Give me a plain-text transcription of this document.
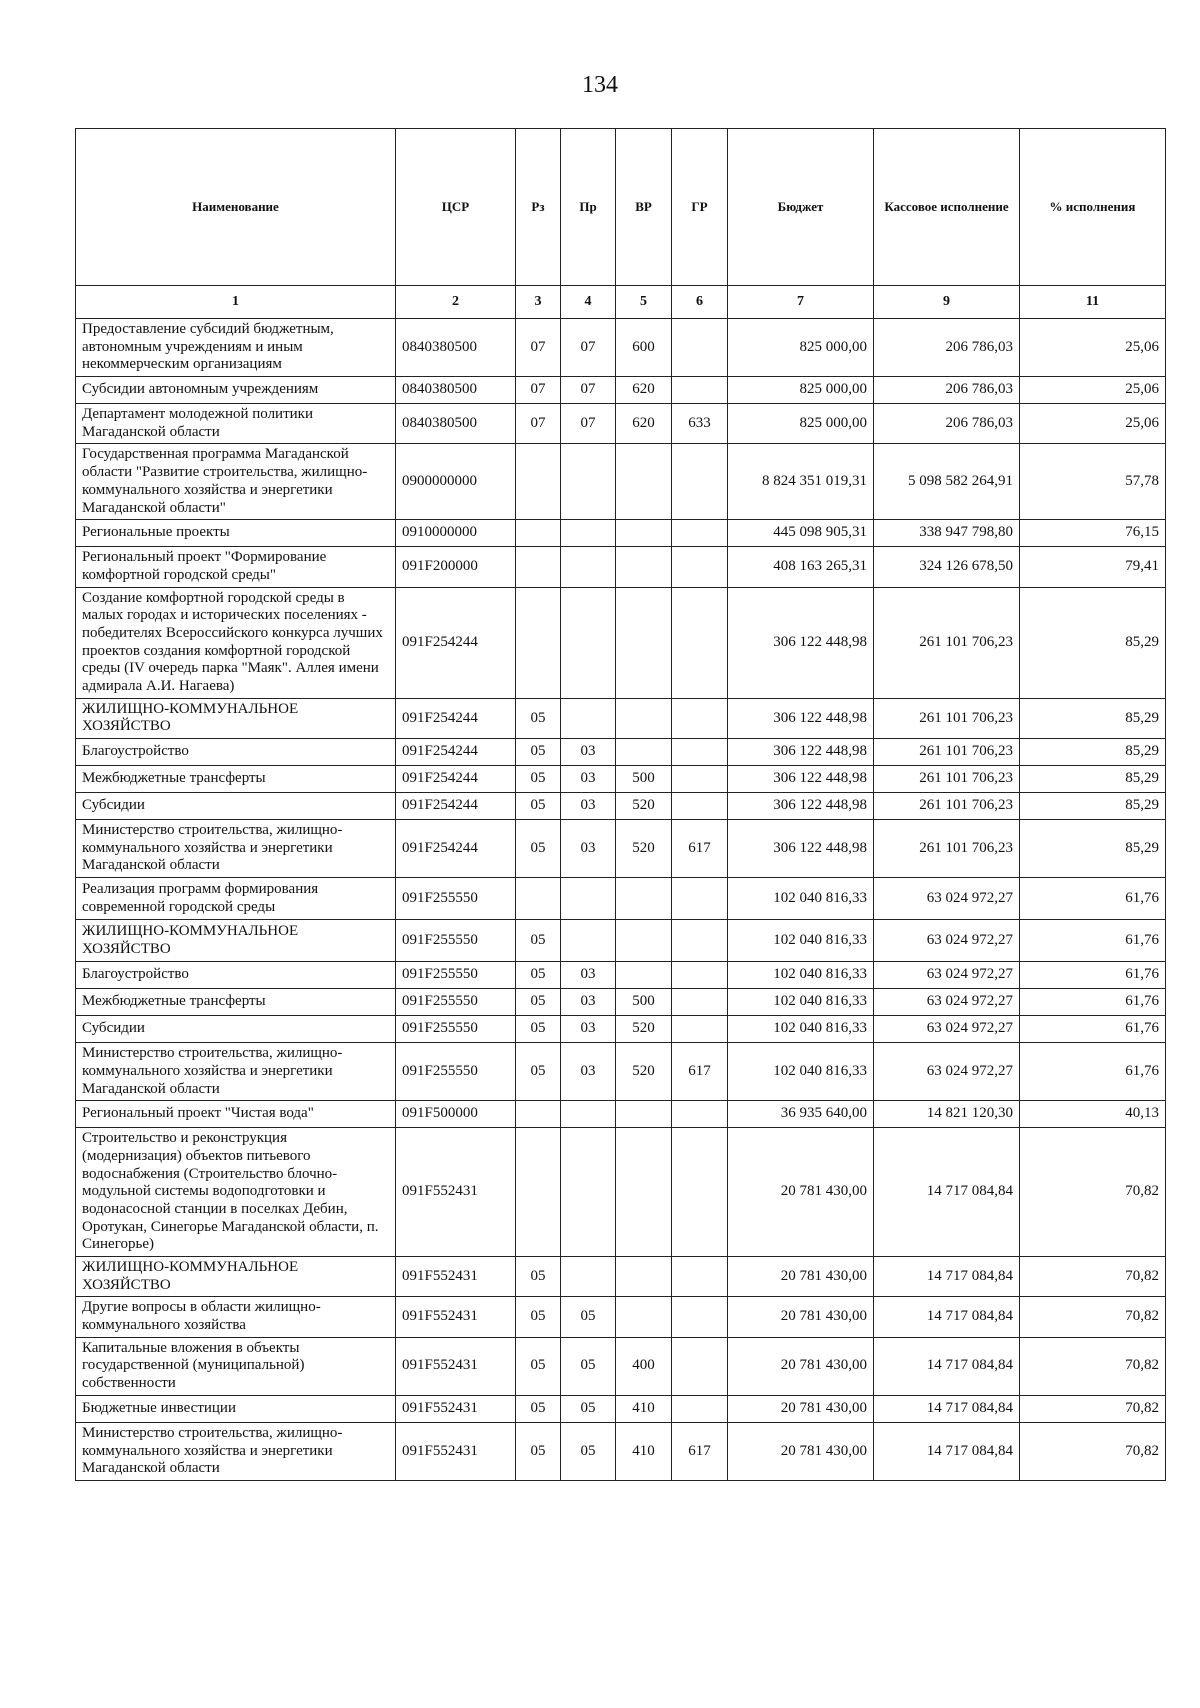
134
Наименование	ЦСР	Рз	Пр	ВР	ГР	Бюджет	Кассовое исполнение	% исполнения
1	2	3	4	5	6	7	9	11
Предоставление субсидий бюджетным, автономным учреждениям и иным некоммерческим организациям	0840380500	07	07	600		825 000,00	206 786,03	25,06
Субсидии автономным учреждениям	0840380500	07	07	620		825 000,00	206 786,03	25,06
Департамент молодежной политики Магаданской области	0840380500	07	07	620	633	825 000,00	206 786,03	25,06
Государственная программа Магаданской области "Развитие строительства, жилищно-коммунального хозяйства и энергетики Магаданской области"	0900000000					8 824 351 019,31	5 098 582 264,91	57,78
Региональные проекты	0910000000					445 098 905,31	338 947 798,80	76,15
Региональный проект "Формирование комфортной городской среды"	091F200000					408 163 265,31	324 126 678,50	79,41
Создание комфортной городской среды в малых городах и исторических поселениях - победителях Всероссийского конкурса лучших проектов создания комфортной городской среды (IV очередь парка "Маяк". Аллея имени адмирала А.И. Нагаева)	091F254244					306 122 448,98	261 101 706,23	85,29
ЖИЛИЩНО-КОММУНАЛЬНОЕ ХОЗЯЙСТВО	091F254244	05				306 122 448,98	261 101 706,23	85,29
Благоустройство	091F254244	05	03			306 122 448,98	261 101 706,23	85,29
Межбюджетные трансферты	091F254244	05	03	500		306 122 448,98	261 101 706,23	85,29
Субсидии	091F254244	05	03	520		306 122 448,98	261 101 706,23	85,29
Министерство строительства, жилищно-коммунального хозяйства и энергетики Магаданской области	091F254244	05	03	520	617	306 122 448,98	261 101 706,23	85,29
Реализация программ формирования современной городской среды	091F255550					102 040 816,33	63 024 972,27	61,76
ЖИЛИЩНО-КОММУНАЛЬНОЕ ХОЗЯЙСТВО	091F255550	05				102 040 816,33	63 024 972,27	61,76
Благоустройство	091F255550	05	03			102 040 816,33	63 024 972,27	61,76
Межбюджетные трансферты	091F255550	05	03	500		102 040 816,33	63 024 972,27	61,76
Субсидии	091F255550	05	03	520		102 040 816,33	63 024 972,27	61,76
Министерство строительства, жилищно-коммунального хозяйства и энергетики Магаданской области	091F255550	05	03	520	617	102 040 816,33	63 024 972,27	61,76
Региональный проект "Чистая вода"	091F500000					36 935 640,00	14 821 120,30	40,13
Строительство и реконструкция (модернизация) объектов питьевого водоснабжения (Строительство блочно-модульной системы водоподготовки и водонасосной станции в поселках Дебин, Оротукан, Синегорье Магаданской области, п. Синегорье)	091F552431					20 781 430,00	14 717 084,84	70,82
ЖИЛИЩНО-КОММУНАЛЬНОЕ ХОЗЯЙСТВО	091F552431	05				20 781 430,00	14 717 084,84	70,82
Другие вопросы в области жилищно-коммунального хозяйства	091F552431	05	05			20 781 430,00	14 717 084,84	70,82
Капитальные вложения в объекты государственной (муниципальной) собственности	091F552431	05	05	400		20 781 430,00	14 717 084,84	70,82
Бюджетные инвестиции	091F552431	05	05	410		20 781 430,00	14 717 084,84	70,82
Министерство строительства, жилищно-коммунального хозяйства и энергетики Магаданской области	091F552431	05	05	410	617	20 781 430,00	14 717 084,84	70,82
